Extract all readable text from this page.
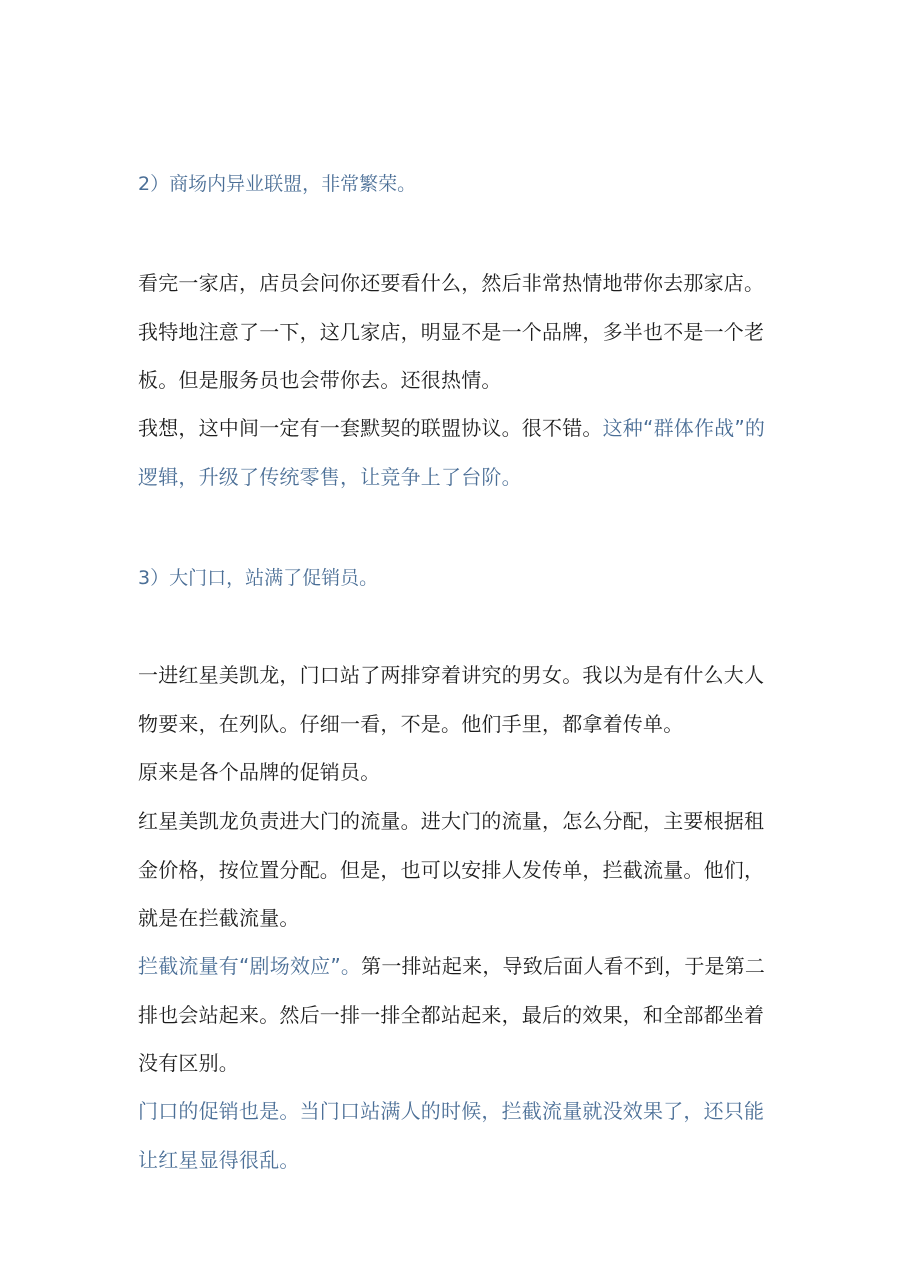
2）商场内异业联盟，非常繁荣。

看完一家店，店员会问你还要看什么，然后非常热情地带你去那家店。我特地注意了一下，这几家店，明显不是一个品牌，多半也不是一个老板。但是服务员也会带你去。还很热情。

我想，这中间一定有一套默契的联盟协议。很不错。这种“群体作战”的逻辑，升级了传统零售，让竞争上了台阶。

3）大门口，站满了促销员。

一进红星美凯龙，门口站了两排穿着讲究的男女。我以为是有什么大人物要来，在列队。仔细一看，不是。他们手里，都拿着传单。

原来是各个品牌的促销员。

红星美凯龙负责进大门的流量。进大门的流量，怎么分配，主要根据租金价格，按位置分配。但是，也可以安排人发传单，拦截流量。他们，就是在拦截流量。

拦截流量有“剧场效应”。第一排站起来，导致后面人看不到，于是第二排也会站起来。然后一排一排全都站起来，最后的效果，和全部都坐着没有区别。

门口的促销也是。当门口站满人的时候，拦截流量就没效果了，还只能让红星显得很乱。
